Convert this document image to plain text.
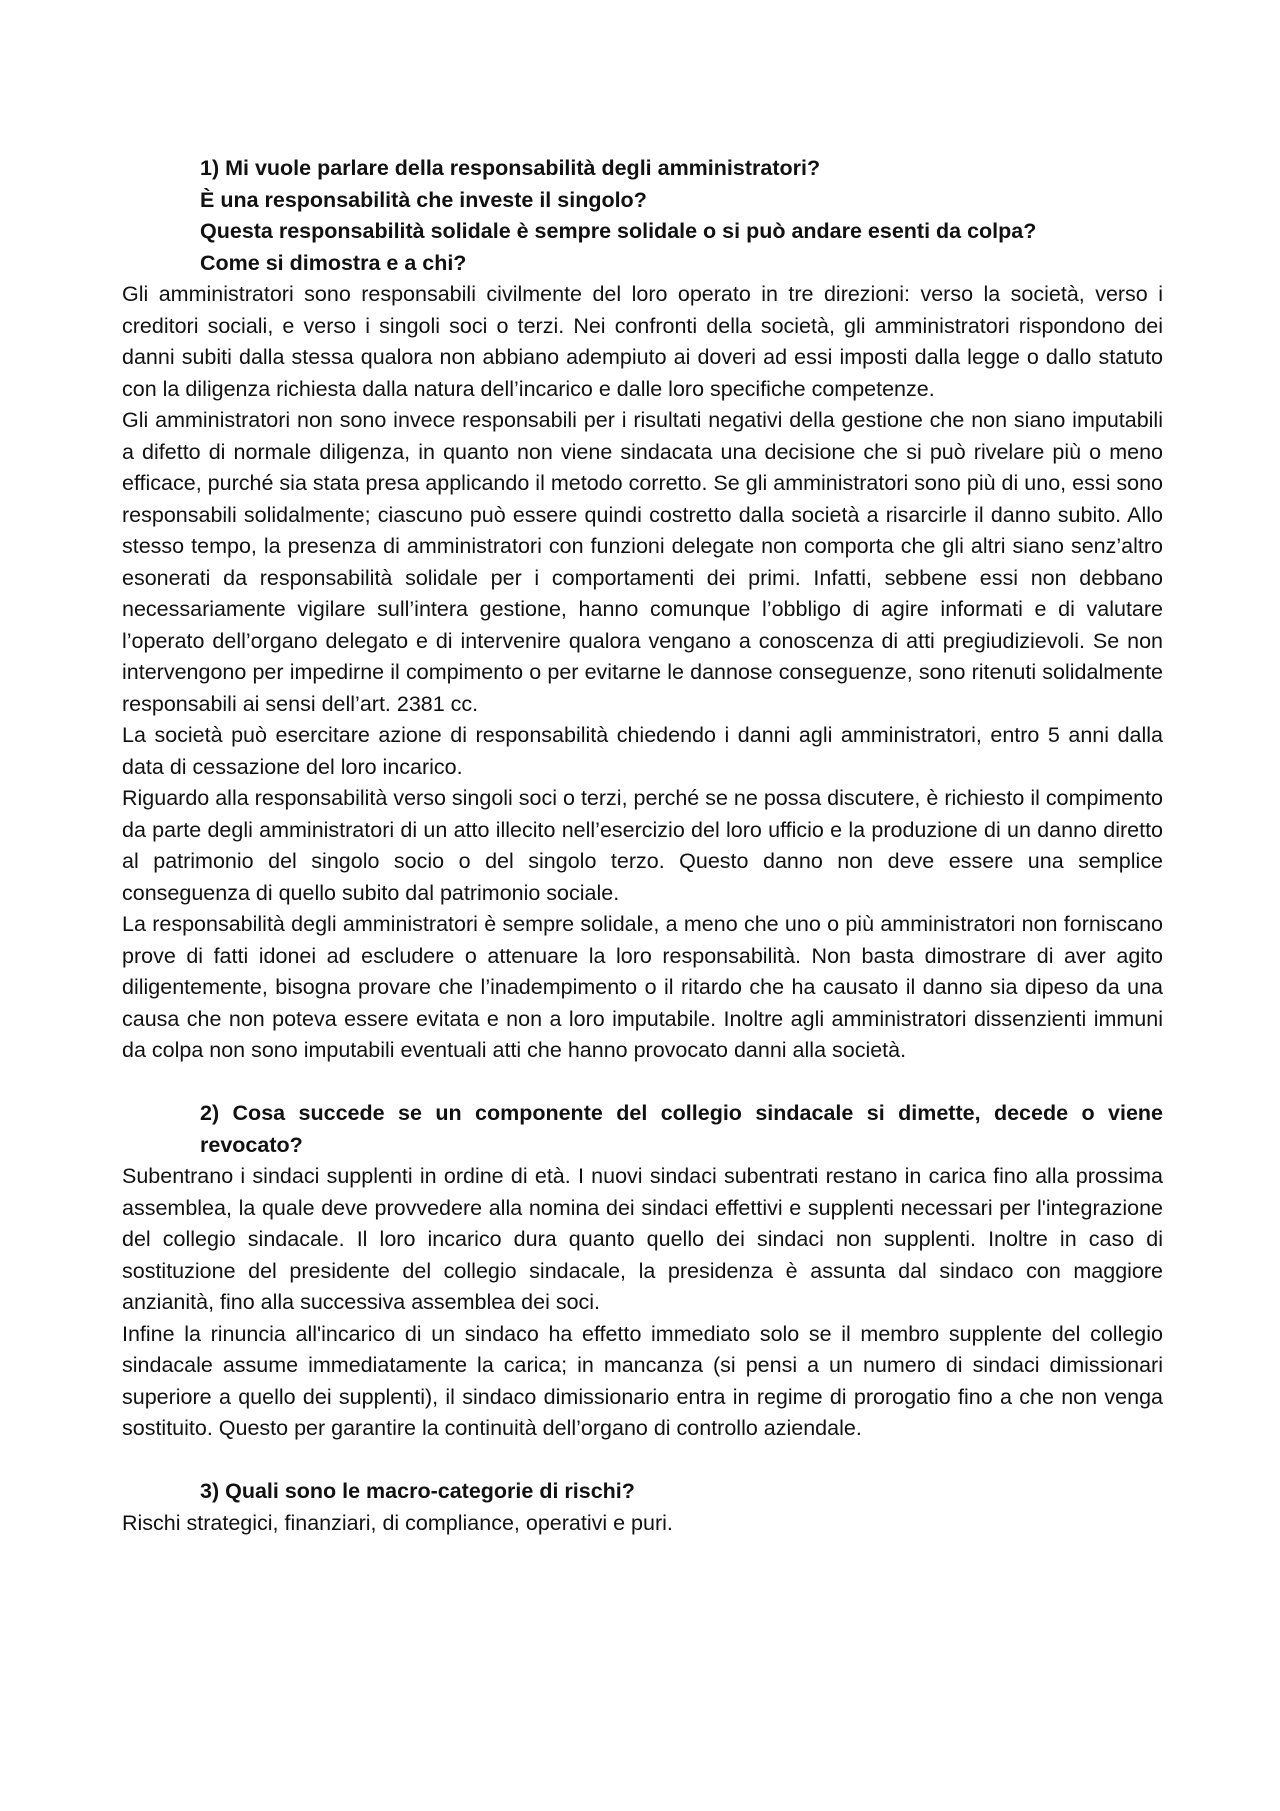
1) Mi vuole parlare della responsabilità degli amministratori?
È una responsabilità che investe il singolo?
Questa responsabilità solidale è sempre solidale o si può andare esenti da colpa?
Come si dimostra e a chi?

Gli amministratori sono responsabili civilmente del loro operato in tre direzioni: verso la società, verso i creditori sociali, e verso i singoli soci o terzi. Nei confronti della società, gli amministratori rispondono dei danni subiti dalla stessa qualora non abbiano adempiuto ai doveri ad essi imposti dalla legge o dallo statuto con la diligenza richiesta dalla natura dell’incarico e dalle loro specifiche competenze.

Gli amministratori non sono invece responsabili per i risultati negativi della gestione che non siano imputabili a difetto di normale diligenza, in quanto non viene sindacata una decisione che si può rivelare più o meno efficace, purché sia stata presa applicando il metodo corretto. Se gli amministratori sono più di uno, essi sono responsabili solidalmente; ciascuno può essere quindi costretto dalla società a risarcirle il danno subito. Allo stesso tempo, la presenza di amministratori con funzioni delegate non comporta che gli altri siano senz’altro esonerati da responsabilità solidale per i comportamenti dei primi. Infatti, sebbene essi non debbano necessariamente vigilare sull’intera gestione, hanno comunque l’obbligo di agire informati e di valutare l’operato dell’organo delegato e di intervenire qualora vengano a conoscenza di atti pregiudizievoli. Se non intervengono per impedirne il compimento o per evitarne le dannose conseguenze, sono ritenuti solidalmente responsabili ai sensi dell’art. 2381 cc.

La società può esercitare azione di responsabilità chiedendo i danni agli amministratori, entro 5 anni dalla data di cessazione del loro incarico.

Riguardo alla responsabilità verso singoli soci o terzi, perché se ne possa discutere, è richiesto il compimento da parte degli amministratori di un atto illecito nell’esercizio del loro ufficio e la produzione di un danno diretto al patrimonio del singolo socio o del singolo terzo. Questo danno non deve essere una semplice conseguenza di quello subito dal patrimonio sociale.

La responsabilità degli amministratori è sempre solidale, a meno che uno o più amministratori non forniscano prove di fatti idonei ad escludere o attenuare la loro responsabilità. Non basta dimostrare di aver agito diligentemente, bisogna provare che l’inadempimento o il ritardo che ha causato il danno sia dipeso da una causa che non poteva essere evitata e non a loro imputabile. Inoltre agli amministratori dissenzienti immuni da colpa non sono imputabili eventuali atti che hanno provocato danni alla società.

2) Cosa succede se un componente del collegio sindacale si dimette, decede o viene revocato?

Subentrano i sindaci supplenti in ordine di età. I nuovi sindaci subentrati restano in carica fino alla prossima assemblea, la quale deve provvedere alla nomina dei sindaci effettivi e supplenti necessari per l'integrazione del collegio sindacale. Il loro incarico dura quanto quello dei sindaci non supplenti. Inoltre in caso di sostituzione del presidente del collegio sindacale, la presidenza è assunta dal sindaco con maggiore anzianità, fino alla successiva assemblea dei soci.

Infine la rinuncia all'incarico di un sindaco ha effetto immediato solo se il membro supplente del collegio sindacale assume immediatamente la carica; in mancanza (si pensi a un numero di sindaci dimissionari superiore a quello dei supplenti), il sindaco dimissionario entra in regime di prorogatio fino a che non venga sostituito. Questo per garantire la continuità dell’organo di controllo aziendale.

3) Quali sono le macro-categorie di rischi?

Rischi strategici, finanziari, di compliance, operativi e puri.
